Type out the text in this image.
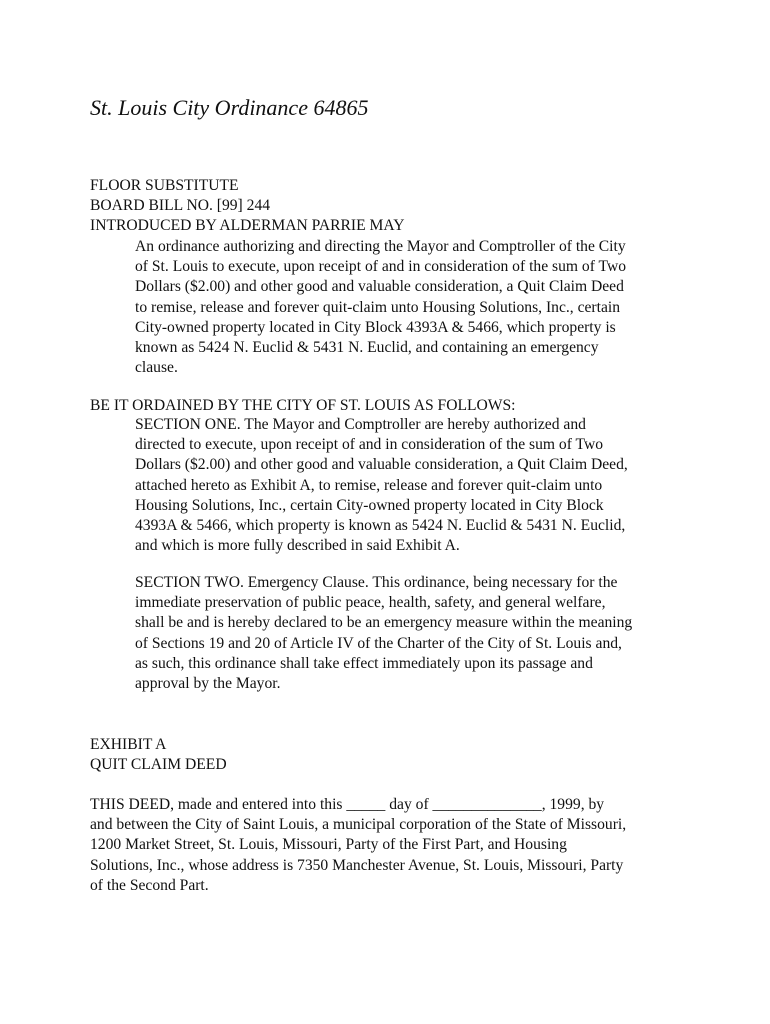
St. Louis City Ordinance 64865
FLOOR SUBSTITUTE
BOARD BILL NO. [99] 244
INTRODUCED BY ALDERMAN PARRIE MAY

An ordinance authorizing and directing the Mayor and Comptroller of the City
of St. Louis to execute, upon receipt of and in consideration of the sum of Two
Dollars ($2.00) and other good and valuable consideration, a Quit Claim Deed
to remise, release and forever quit-claim unto Housing Solutions, Inc., certain
City-owned property located in City Block 4393A & 5466, which property is
known as 5424 N. Euclid & 5431 N. Euclid, and containing an emergency
clause.

BE IT ORDAINED BY THE CITY OF ST. LOUIS AS FOLLOWS:

SECTION ONE. The Mayor and Comptroller are hereby authorized and
directed to execute, upon receipt of and in consideration of the sum of Two
Dollars ($2.00) and other good and valuable consideration, a Quit Claim Deed,
attached hereto as Exhibit A, to remise, release and forever quit-claim unto
Housing Solutions, Inc., certain City-owned property located in City Block
4393A & 5466, which property is known as 5424 N. Euclid & 5431 N. Euclid,
and which is more fully described in said Exhibit A.

SECTION TWO. Emergency Clause. This ordinance, being necessary for the
immediate preservation of public peace, health, safety, and general welfare,
shall be and is hereby declared to be an emergency measure within the meaning
of Sections 19 and 20 of Article IV of the Charter of the City of St. Louis and,
as such, this ordinance shall take effect immediately upon its passage and
approval by the Mayor.

EXHIBIT A
QUIT CLAIM DEED

THIS DEED, made and entered into this _____ day of ______________, 1999, by
and between the City of Saint Louis, a municipal corporation of the State of Missouri,
1200 Market Street, St. Louis, Missouri, Party of the First Part, and Housing
Solutions, Inc., whose address is 7350 Manchester Avenue, St. Louis, Missouri, Party
of the Second Part.
